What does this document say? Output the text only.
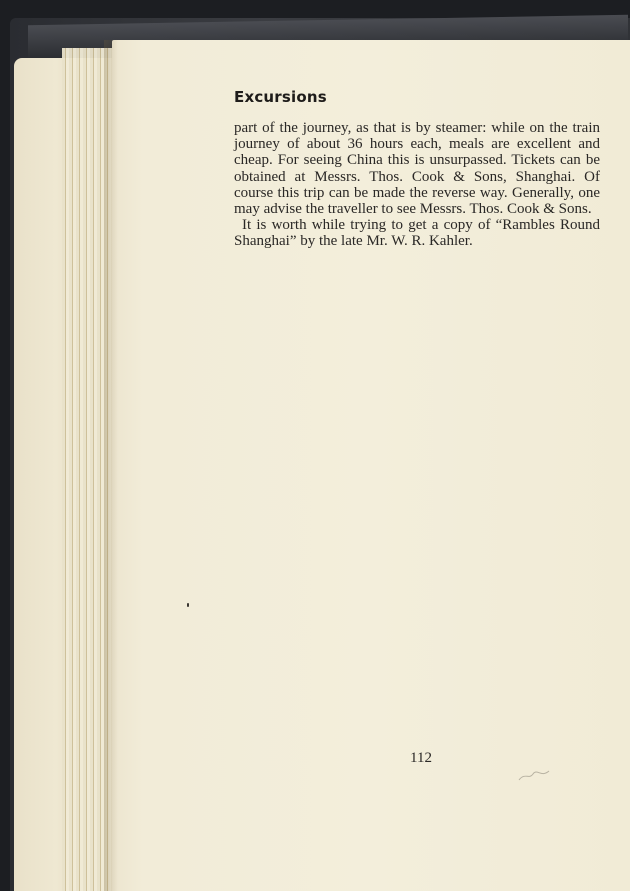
Excursions

part of the journey, as that is by steamer: while on the train journey of about 36 hours each, meals are excellent and cheap. For seeing China this is unsurpassed. Tickets can be obtained at Messrs. Thos. Cook & Sons, Shanghai. Of course this trip can be made the reverse way. Generally, one may advise the traveller to see Messrs. Thos. Cook & Sons.

It is worth while trying to get a copy of “Rambles Round Shanghai” by the late Mr. W. R. Kahler.

112
